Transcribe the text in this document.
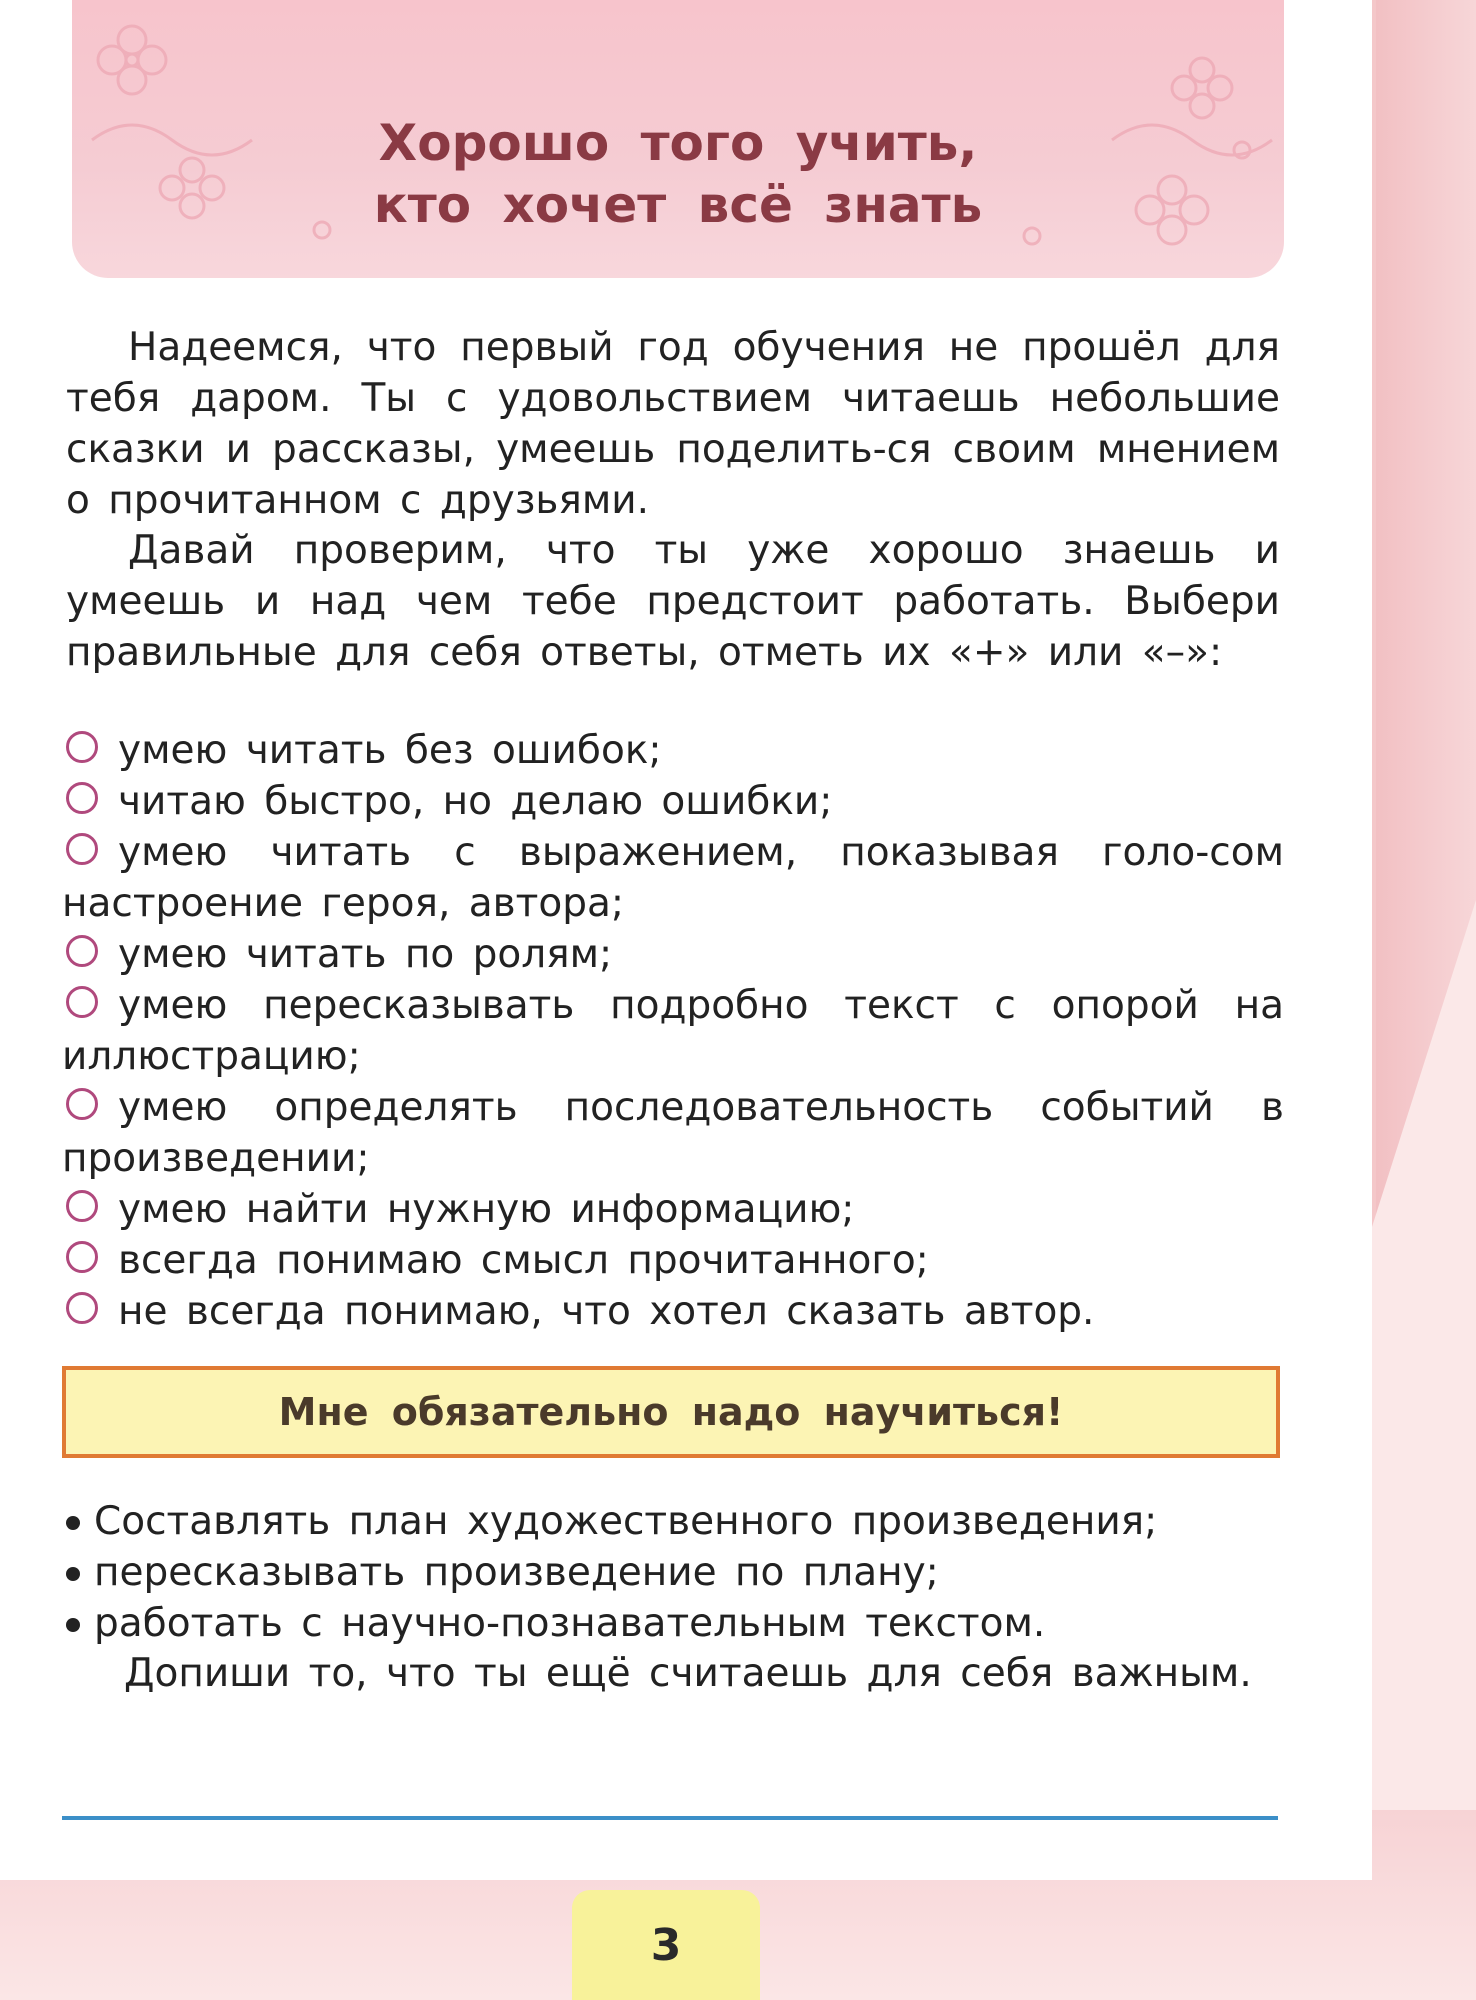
Хорошо того учить,
кто хочет всё знать
Надеемся, что первый год обучения не прошёл для тебя даром. Ты с удовольствием читаешь небольшие сказки и рассказы, умеешь поделить-ся своим мнением о прочитанном с друзьями.
Давай проверим, что ты уже хорошо знаешь и умеешь и над чем тебе предстоит работать. Выбери правильные для себя ответы, отметь их «+» или «–»:
умею читать без ошибок;
читаю быстро, но делаю ошибки;
умею читать с выражением, показывая голо-сом настроение героя, автора;
умею читать по ролям;
умею пересказывать подробно текст с опорой на иллюстрацию;
умею определять последовательность событий в произведении;
умею найти нужную информацию;
всегда понимаю смысл прочитанного;
не всегда понимаю, что хотел сказать автор.
Мне обязательно надо научиться!
Составлять план художественного произведения;
пересказывать произведение по плану;
работать с научно-познавательным текстом.
Допиши то, что ты ещё считаешь для себя важным.
3
